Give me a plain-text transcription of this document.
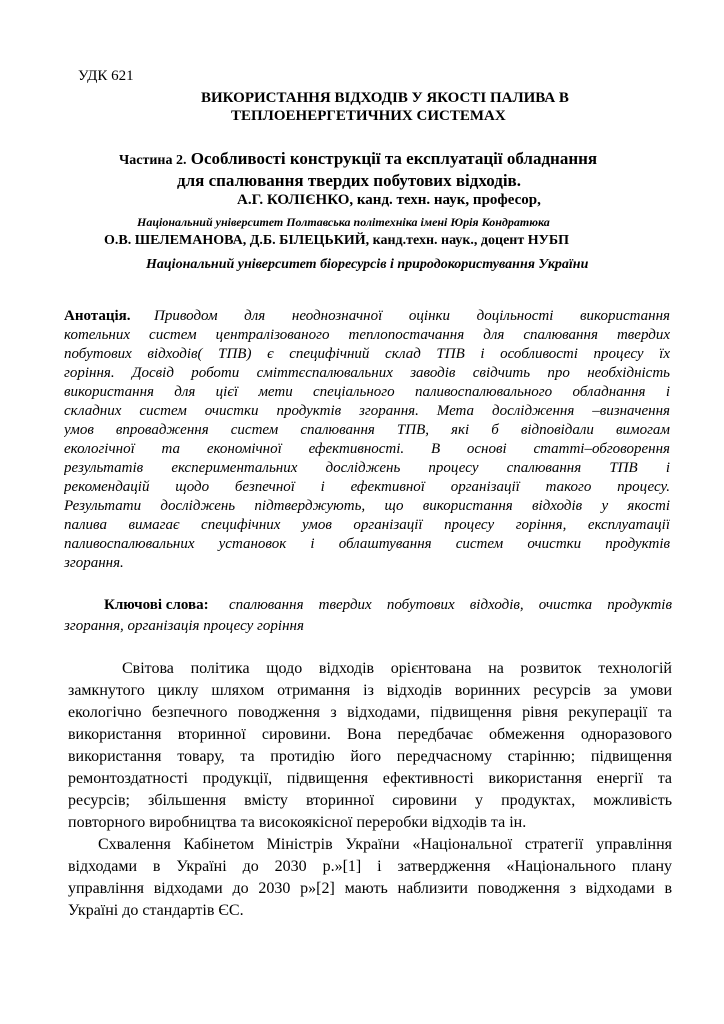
УДК 621
ВИКОРИСТАННЯ ВІДХОДІВ У ЯКОСТІ ПАЛИВА В
ТЕПЛОЕНЕРГЕТИЧНИХ СИСТЕМАХ
Частина 2. Особливості конструкції та експлуатації обладнання
для спалювання твердих побутових відходів.
А.Г. КОЛІЄНКО, канд. техн. наук, професор,
Національний університет Полтавська політехніка імені Юрія Кондратюка
О.В. ШЕЛЕМАНОВА, Д.Б. БІЛЕЦЬКИЙ, канд.техн. наук., доцент НУБП
Національний університет біоресурсів і природокористування України
Анотація. Приводом для неоднозначної оцінки доцільності використання
котельних систем централізованого теплопостачання для спалювання твердих
побутових відходів( ТПВ) є специфічний склад ТПВ і особливості процесу їх
горіння. Досвід роботи сміттєспалювальних заводів свідчить про необхідність
використання для цієї мети спеціального паливоспалювального обладнання і
складних систем очистки продуктів згорання. Мета дослідження –визначення
умов впровадження систем спалювання ТПВ, які б відповідали вимогам
екологічної та економічної ефективності. В основі статті–обговорення
результатів експериментальних досліджень процесу спалювання ТПВ і
рекомендацій щодо безпечної і ефективної організації такого процесу.
Результати досліджень підтверджують, що використання відходів у якості
палива вимагає специфічних умов організації процесу горіння, експлуатації
паливоспалювальних установок і облаштування систем очистки продуктів
згорання.
Ключові слова: спалювання твердих побутових відходів, очистка продуктів
згорання, організація процесу горіння
Світова політика щодо відходів орієнтована на розвиток технологій
замкнутого циклу шляхом отримання із відходів воринних ресурсів за умови
екологічно безпечного поводження з відходами, підвищення рівня рекуперації та
використання вторинної сировини. Вона передбачає обмеження одноразового
використання товару, та протидію його передчасному старінню; підвищення
ремонтоздатності продукції, підвищення ефективності використання енергії та
ресурсів; збільшення вмісту вторинної сировини у продуктах, можливість
повторного виробництва та високоякісної переробки відходів та ін.
Схвалення Кабінетом Міністрів України «Національної стратегії управління
відходами в Україні до 2030 р.»[1] і затвердження «Національного плану
управління відходами до 2030 р»[2] мають наблизити поводження з відходами в
Україні до стандартів ЄС.
